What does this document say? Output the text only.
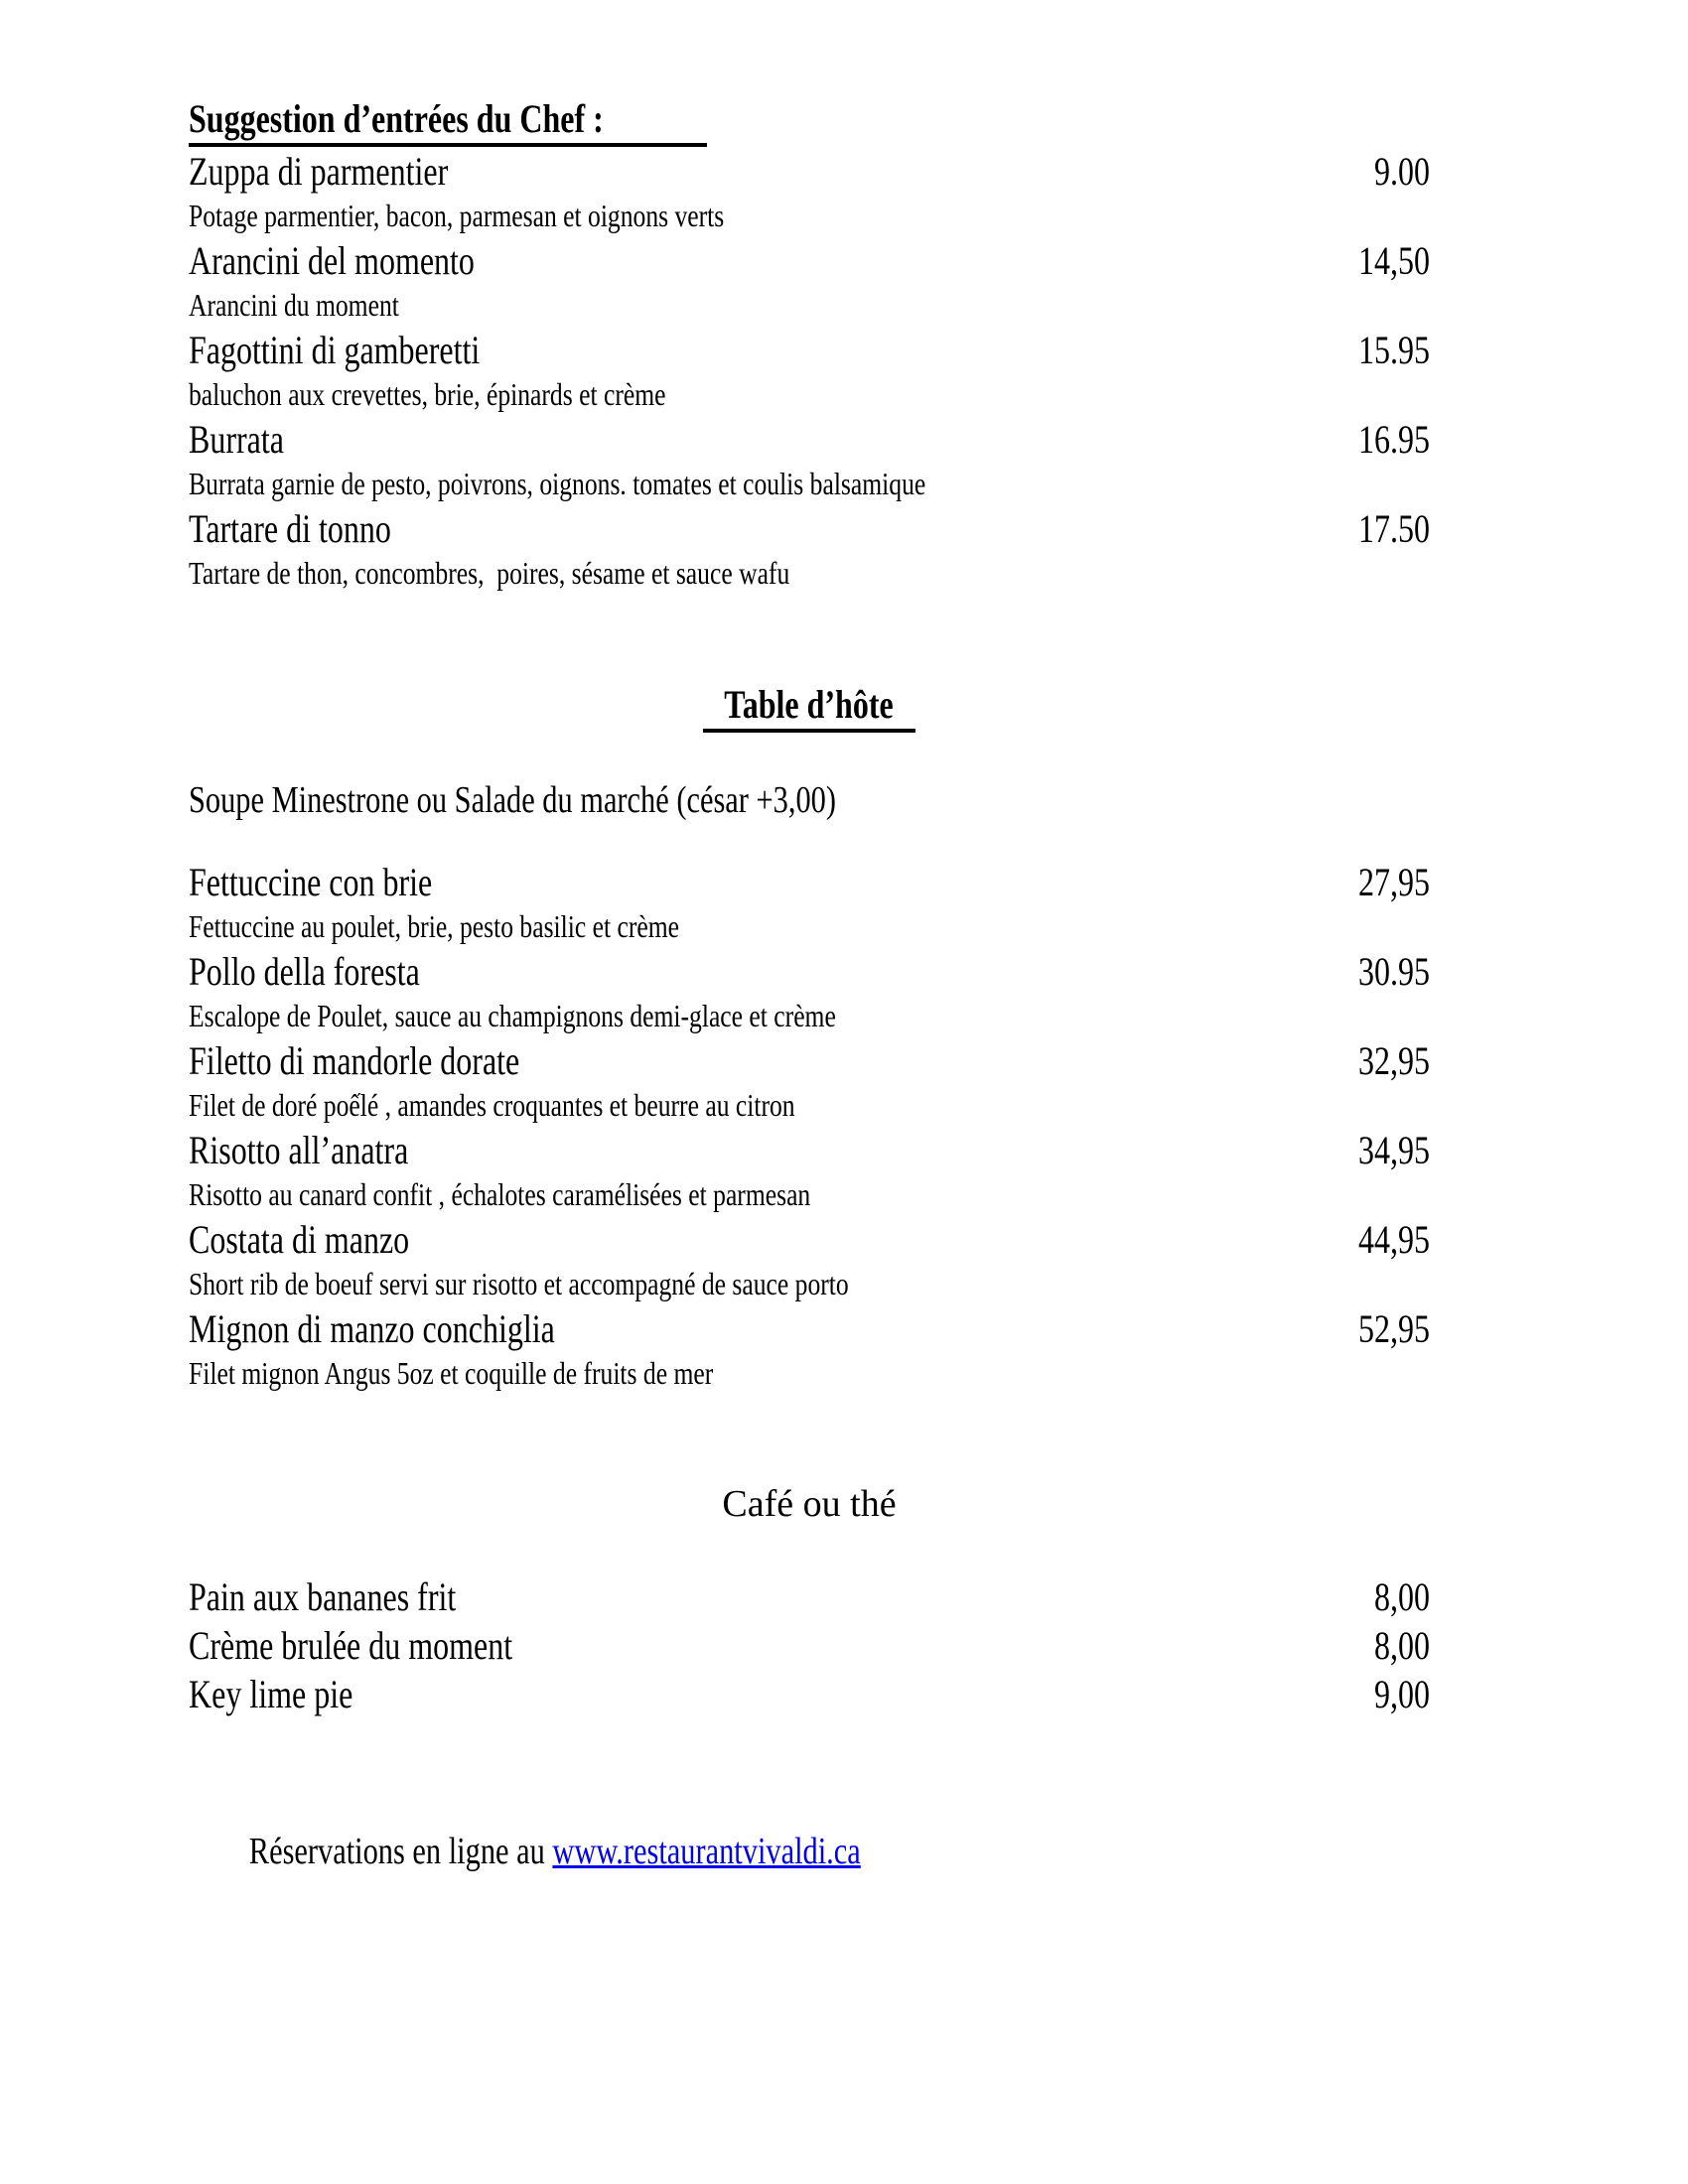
Suggestion d’entrées du Chef :
Zuppa di parmentier	9.00
Potage parmentier, bacon, parmesan et oignons verts
Arancini del momento	14,50
Arancini du moment
Fagottini di gamberetti	15.95
baluchon aux crevettes, brie, épinards et crème
Burrata	16.95
Burrata garnie de pesto, poivrons, oignons. tomates et coulis balsamique
Tartare di tonno	17.50
Tartare de thon, concombres,  poires, sésame et sauce wafu
Table d’hôte
Soupe Minestrone ou Salade du marché (césar +3,00)
Fettuccine con brie	27,95
Fettuccine au poulet, brie, pesto basilic et crème
Pollo della foresta	30.95
Escalope de Poulet, sauce au champignons demi-glace et crème
Filetto di mandorle dorate	32,95
Filet de doré poếlé , amandes croquantes et beurre au citron
Risotto all’anatra	34,95
Risotto au canard confit , échalotes caramélisées et parmesan
Costata di manzo	44,95
Short rib de boeuf servi sur risotto et accompagné de sauce porto
Mignon di manzo conchiglia	52,95
Filet mignon Angus 5oz et coquille de fruits de mer
Café ou thé
Pain aux bananes frit	8,00
Crème brulée du moment	8,00
Key lime pie	9,00

Réservations en ligne au www.restaurantvivaldi.ca
